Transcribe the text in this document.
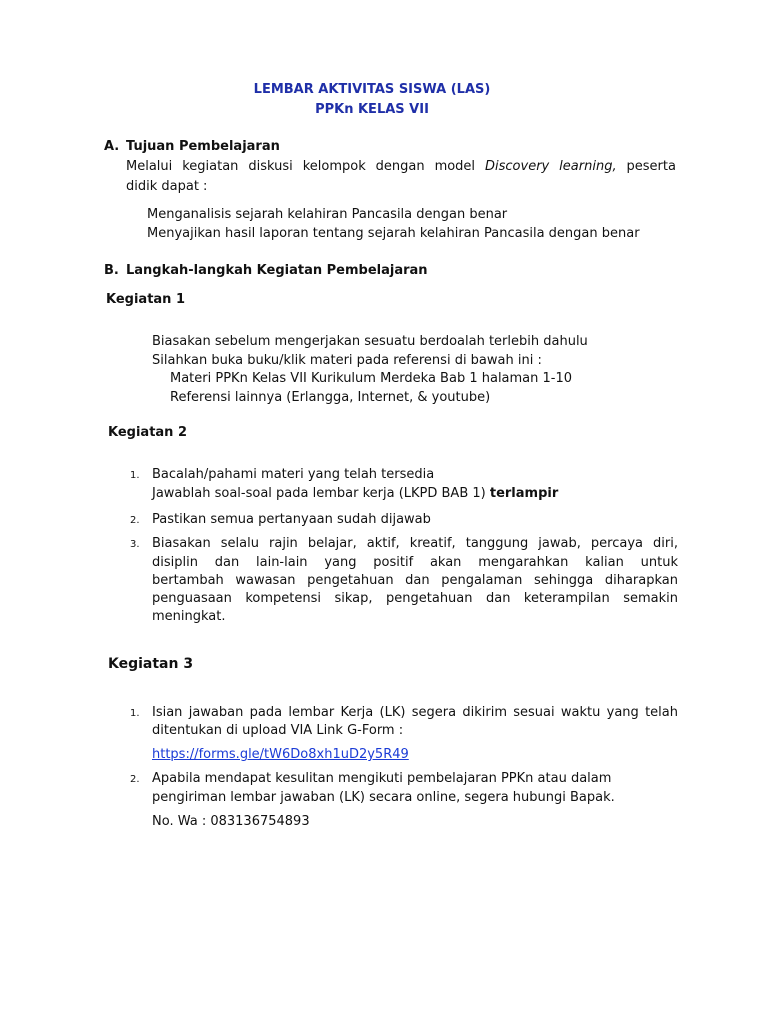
LEMBAR AKTIVITAS SISWA (LAS)
PPKn KELAS VII
A. Tujuan Pembelajaran
Melalui kegiatan diskusi kelompok dengan model Discovery learning, peserta
didik dapat :
Menganalisis sejarah kelahiran Pancasila dengan benar
Menyajikan hasil laporan tentang sejarah kelahiran Pancasila dengan benar
B. Langkah-langkah Kegiatan Pembelajaran
Kegiatan 1
Biasakan sebelum mengerjakan sesuatu berdoalah terlebih dahulu
Silahkan buka buku/klik materi pada referensi di bawah ini :
Materi PPKn Kelas VII Kurikulum Merdeka Bab 1 halaman 1-10
Referensi lainnya (Erlangga, Internet, & youtube)
Kegiatan 2
1. Bacalah/pahami materi yang telah tersedia
Jawablah soal-soal pada lembar kerja (LKPD BAB 1) terlampir
2. Pastikan semua pertanyaan sudah dijawab
3. Biasakan selalu rajin belajar, aktif, kreatif, tanggung jawab, percaya diri,
disiplin dan lain-lain yang positif akan mengarahkan kalian untuk
bertambah wawasan pengetahuan dan pengalaman sehingga diharapkan
penguasaan kompetensi sikap, pengetahuan dan keterampilan semakin
meningkat.
Kegiatan 3
1. Isian jawaban pada lembar Kerja (LK) segera dikirim sesuai waktu yang telah
ditentukan di upload VIA Link G-Form :
https://forms.gle/tW6Do8xh1uD2y5R49
2. Apabila mendapat kesulitan mengikuti pembelajaran PPKn atau dalam
pengiriman lembar jawaban (LK) secara online, segera hubungi Bapak.
No. Wa : 083136754893
